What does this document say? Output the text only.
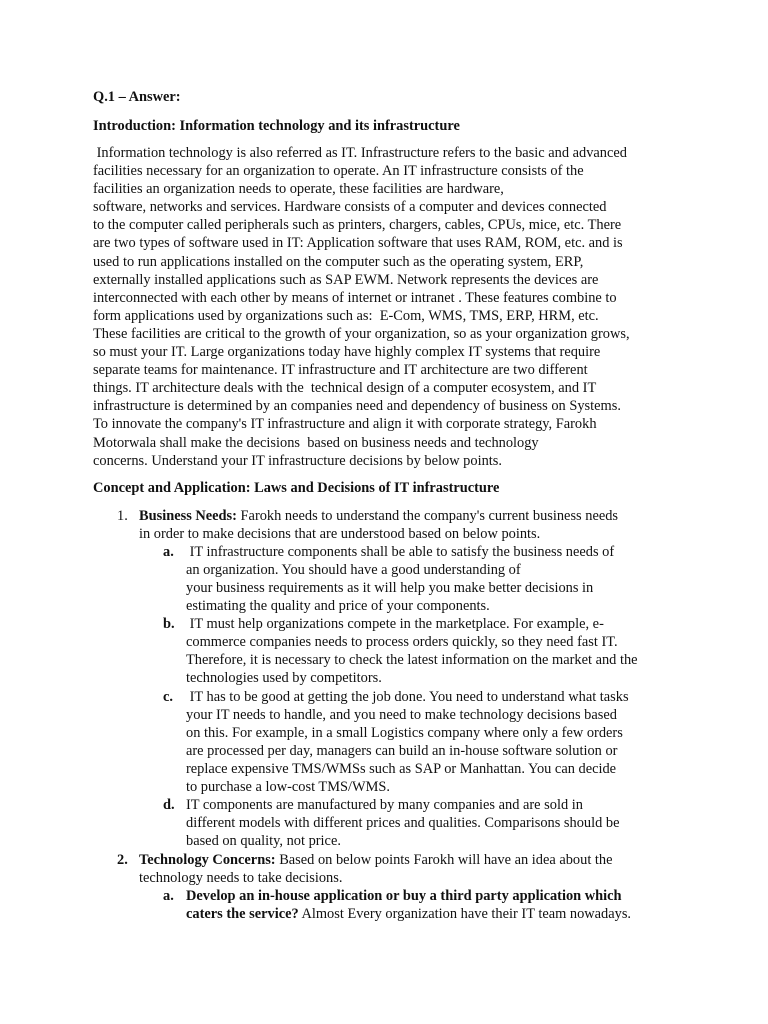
Q.1 – Answer:
Introduction: Information technology and its infrastructure
Information technology is also referred as IT. Infrastructure refers to the basic and advanced
facilities necessary for an organization to operate. An IT infrastructure consists of the
facilities an organization needs to operate, these facilities are hardware,
software, networks and services. Hardware consists of a computer and devices connected
to the computer called peripherals such as printers, chargers, cables, CPUs, mice, etc. There
are two types of software used in IT: Application software that uses RAM, ROM, etc. and is
used to run applications installed on the computer such as the operating system, ERP,
externally installed applications such as SAP EWM. Network represents the devices are
interconnected with each other by means of internet or intranet . These features combine to
form applications used by organizations such as:  E-Com, WMS, TMS, ERP, HRM, etc.
These facilities are critical to the growth of your organization, so as your organization grows,
so must your IT. Large organizations today have highly complex IT systems that require
separate teams for maintenance. IT infrastructure and IT architecture are two different
things. IT architecture deals with the  technical design of a computer ecosystem, and IT
infrastructure is determined by an companies need and dependency of business on Systems.
To innovate the company's IT infrastructure and align it with corporate strategy, Farokh
Motorwala shall make the decisions  based on business needs and technology
concerns. Understand your IT infrastructure decisions by below points.
Concept and Application: Laws and Decisions of IT infrastructure
1. Business Needs: Farokh needs to understand the company's current business needs
in order to make decisions that are understood based on below points.
a. IT infrastructure components shall be able to satisfy the business needs of
an organization. You should have a good understanding of
your business requirements as it will help you make better decisions in
estimating the quality and price of your components.
b. IT must help organizations compete in the marketplace. For example, e-
commerce companies needs to process orders quickly, so they need fast IT.
Therefore, it is necessary to check the latest information on the market and the
technologies used by competitors.
c. IT has to be good at getting the job done. You need to understand what tasks
your IT needs to handle, and you need to make technology decisions based
on this. For example, in a small Logistics company where only a few orders
are processed per day, managers can build an in-house software solution or
replace expensive TMS/WMSs such as SAP or Manhattan. You can decide
to purchase a low-cost TMS/WMS.
d. IT components are manufactured by many companies and are sold in
different models with different prices and qualities. Comparisons should be
based on quality, not price.
2. Technology Concerns: Based on below points Farokh will have an idea about the
technology needs to take decisions.
a. Develop an in-house application or buy a third party application which
caters the service? Almost Every organization have their IT team nowadays.
